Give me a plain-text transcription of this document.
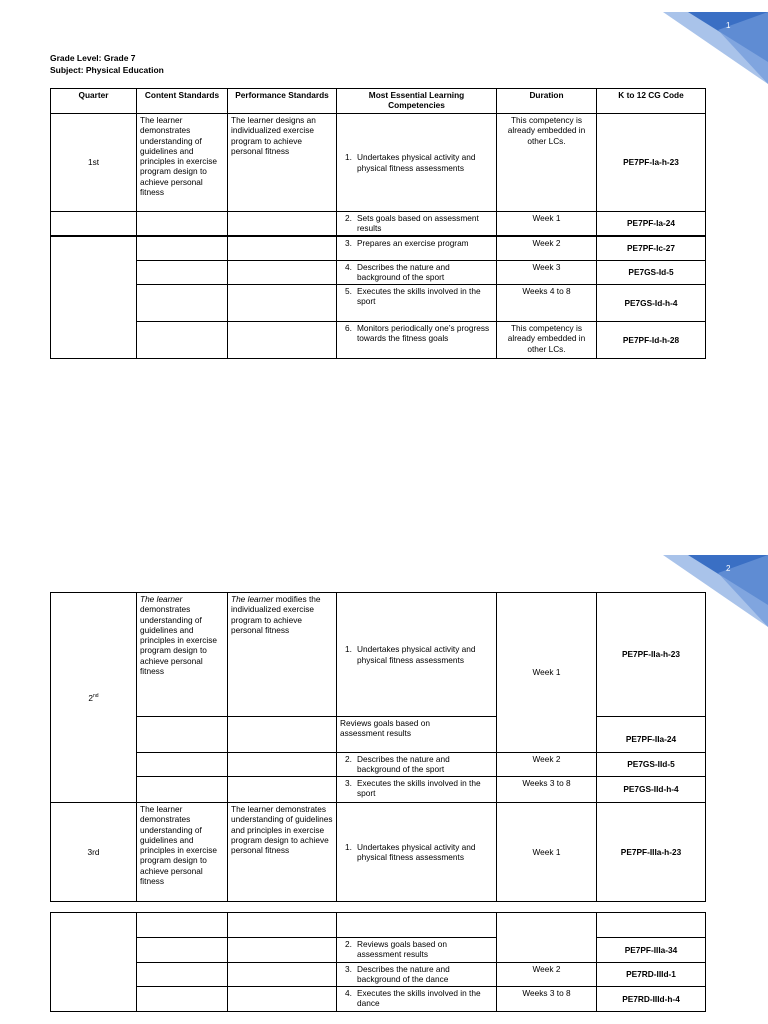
1
Grade Level: Grade 7
Subject: Physical Education
Quarter	Content Standards	Performance Standards	Most Essential Learning Competencies	Duration	K to 12 CG Code
1st	The learner demonstrates understanding of guidelines and principles in exercise program design to achieve personal fitness	The learner designs an individualized exercise program to achieve personal fitness	1. Undertakes physical activity and physical fitness assessments	This competency is already embedded in other LCs.	PE7PF-Ia-h-23

			2. Sets goals based on assessment results	Week 1	PE7PF-Ia-24

			3. Prepares an exercise program	Week 2	PE7PF-Ic-27

			4. Describes the nature and background of the sport	Week 3	PE7GS-Id-5

			5. Executes the skills involved in the sport	Weeks 4 to 8	PE7GS-Id-h-4

			6. Monitors periodically one’s progress towards the fitness goals	This competency is already embedded in other LCs.	PE7PF-Id-h-28
2
2nd	The learner demonstrates understanding of guidelines and principles in exercise program design to achieve personal fitness	The learner modifies the individualized exercise program to achieve personal fitness	1. Undertakes physical activity and physical fitness assessments	Week 1	PE7PF-IIa-h-23
			Reviews goals based on assessment results		PE7PF-IIa-24

			2. Describes the nature and background of the sport	Week 2	PE7GS-IId-5

			3. Executes the skills involved in the sport	Weeks 3 to 8	PE7GS-IId-h-4
3rd	The learner demonstrates understanding of guidelines and principles in exercise program design to achieve personal fitness	The learner demonstrates understanding of guidelines and principles in exercise program design to achieve personal fitness	1. Undertakes physical activity and physical fitness assessments	Week 1	PE7PF-IIIa-h-23

			2. Reviews goals based on assessment results		PE7PF-IIIa-34

			3. Describes the nature and background of the dance	Week 2	PE7RD-IIId-1

			4. Executes the skills involved in the dance	Weeks 3 to 8	PE7RD-IIId-h-4
